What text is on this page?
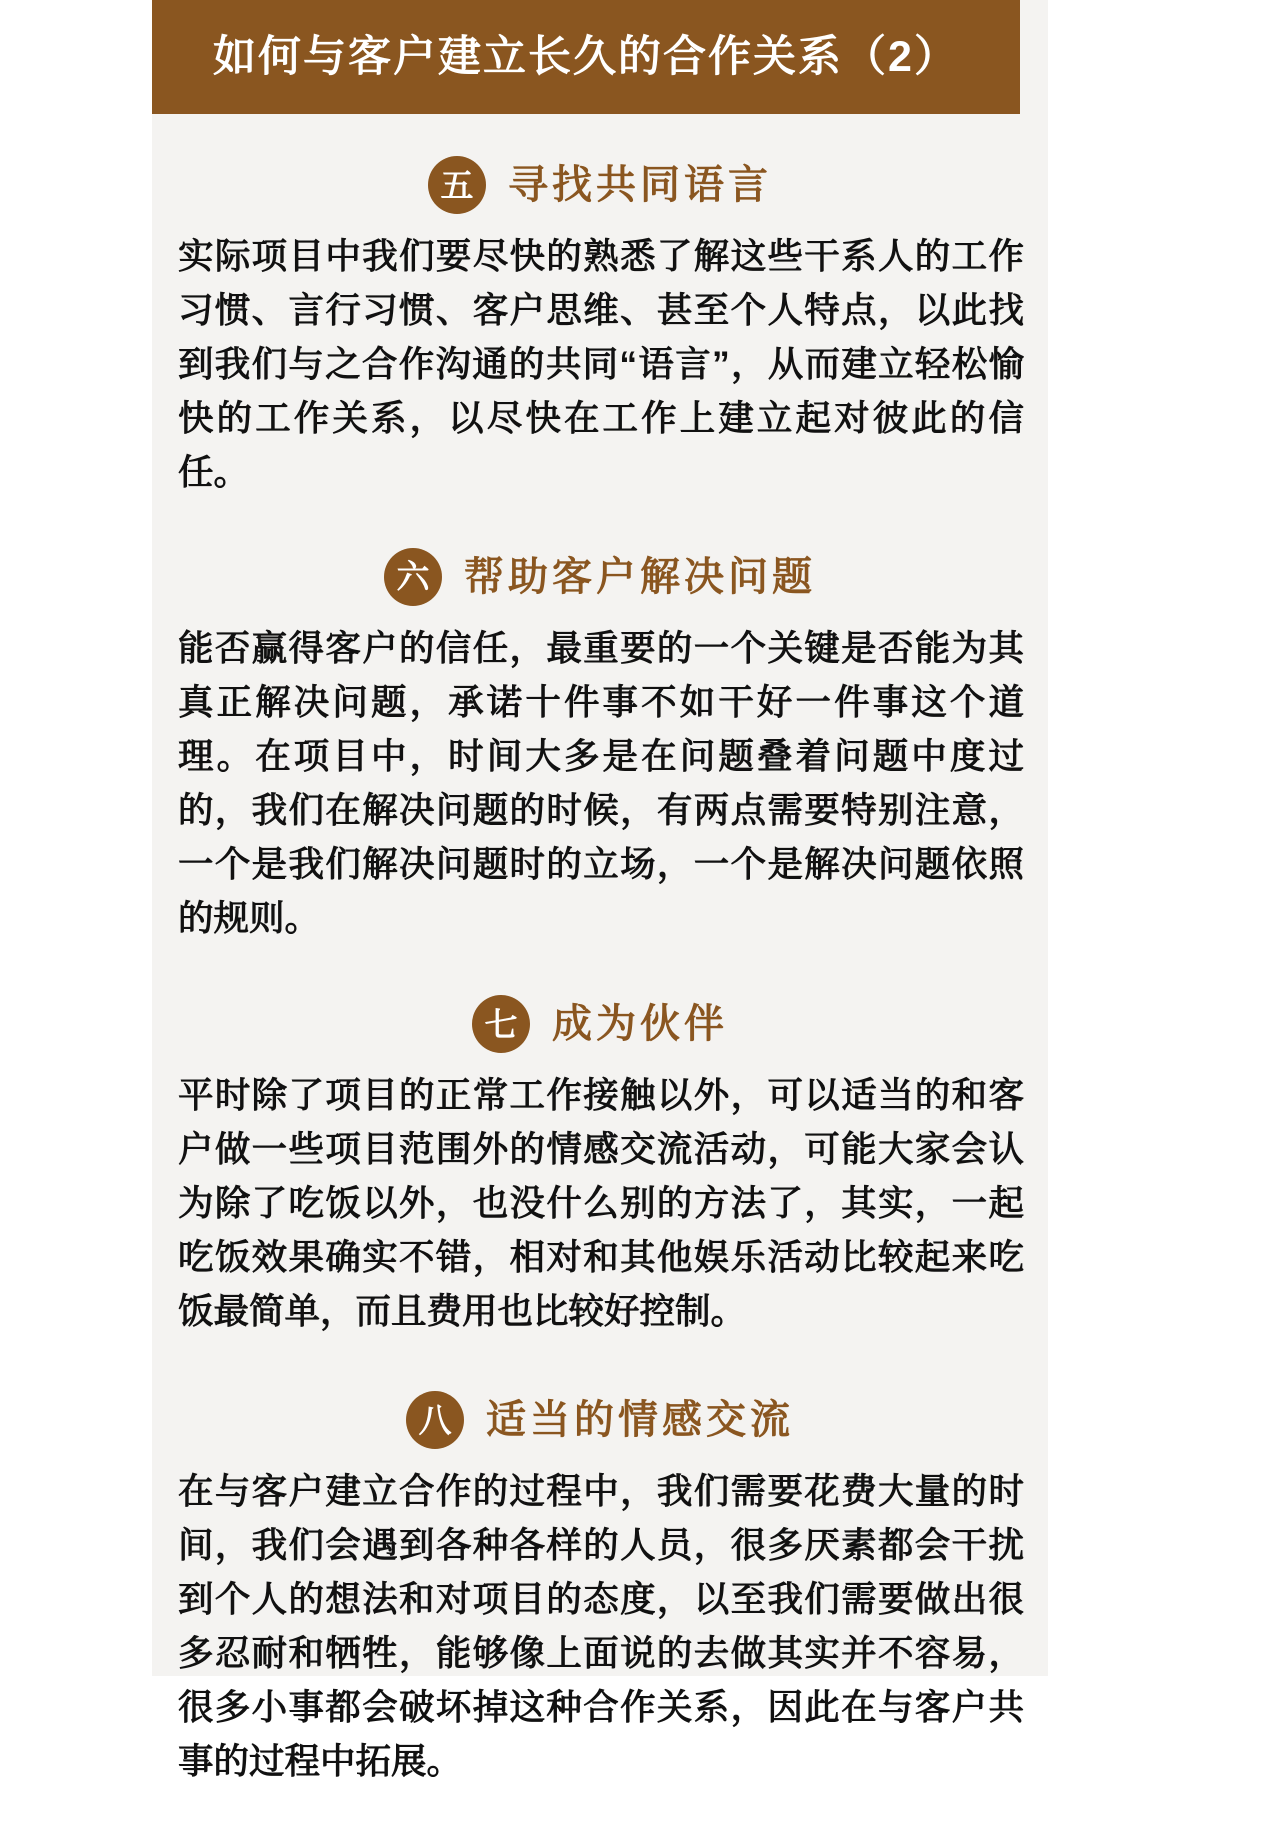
如何与客户建立长久的合作关系（2）
五 寻找共同语言

实际项目中我们要尽快的熟悉了解这些干系人的工作习惯、言行习惯、客户思维、甚至个人特点，以此找到我们与之合作沟通的共同“语言”，从而建立轻松愉快的工作关系，以尽快在工作上建立起对彼此的信任。

六 帮助客户解决问题

能否赢得客户的信任，最重要的一个关键是否能为其真正解决问题，承诺十件事不如干好一件事这个道理。在项目中，时间大多是在问题叠着问题中度过的，我们在解决问题的时候，有两点需要特别注意，一个是我们解决问题时的立场，一个是解决问题依照的规则。

七 成为伙伴

平时除了项目的正常工作接触以外，可以适当的和客户做一些项目范围外的情感交流活动，可能大家会认为除了吃饭以外，也没什么别的方法了，其实，一起吃饭效果确实不错，相对和其他娱乐活动比较起来吃饭最简单，而且费用也比较好控制。

八 适当的情感交流

在与客户建立合作的过程中，我们需要花费大量的时间，我们会遇到各种各样的人员，很多厌素都会干扰到个人的想法和对项目的态度，以至我们需要做出很多忍耐和牺牲，能够像上面说的去做其实并不容易，很多小事都会破坏掉这种合作关系，因此在与客户共事的过程中拓展。
